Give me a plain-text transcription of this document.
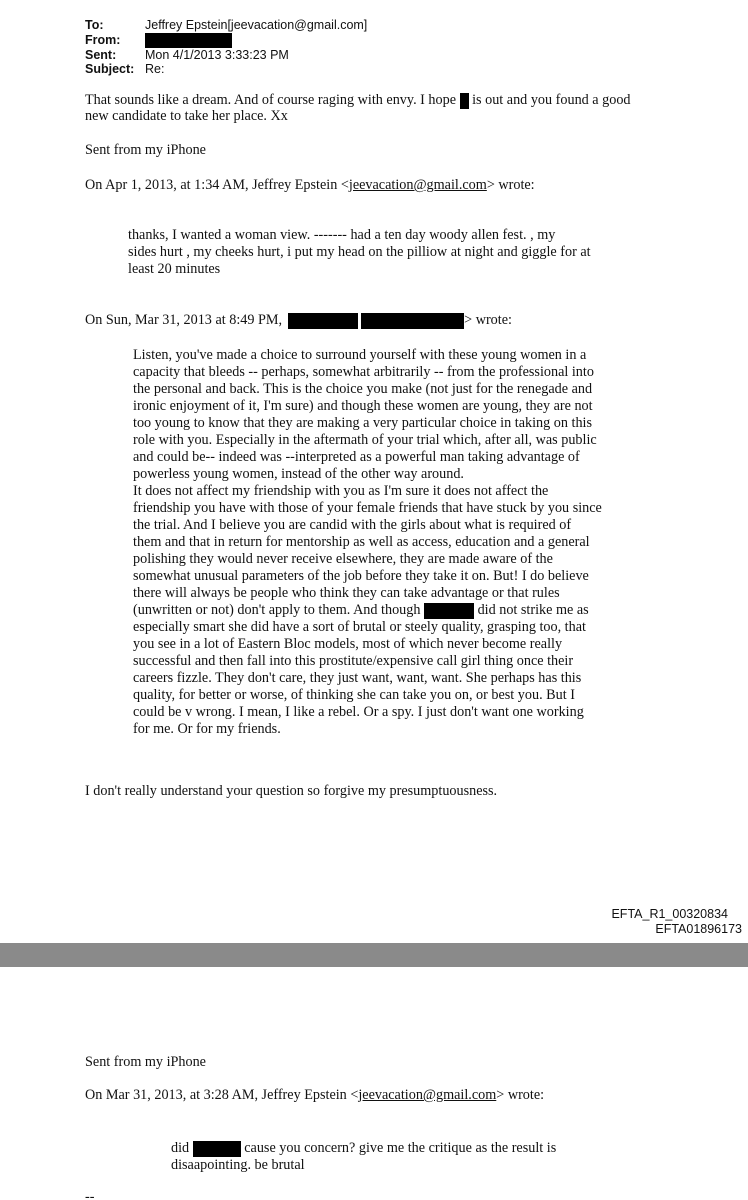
To:	Jeffrey Epstein[jeevacation@gmail.com]
From:
Sent:	Mon 4/1/2013 3:33:23 PM
Subject: Re:
That sounds like a dream. And of course raging with envy. I hope is out and you found a good
new candidate to take her place. Xx
Sent from my iPhone
On Apr 1, 2013, at 1:34 AM, Jeffrey Epstein <jeevacation@gmail.com> wrote:
thanks, I wanted a woman view. ------- had a ten day woody allen fest. , my
sides hurt , my cheeks hurt, i put my head on the pilliow at night and giggle for at
least 20 minutes
On Sun, Mar 31, 2013 at 8:49 PM,	> wrote:
Listen, you've made a choice to surround yourself with these young women in a
capacity that bleeds -- perhaps, somewhat arbitrarily -- from the professional into
the personal and back. This is the choice you make (not just for the renegade and
ironic enjoyment of it, I'm sure) and though these women are young, they are not
too young to know that they are making a very particular choice in taking on this
role with you. Especially in the aftermath of your trial which, after all, was public
and could be-- indeed was --interpreted as a powerful man taking advantage of
powerless young women, instead of the other way around.
It does not affect my friendship with you as I'm sure it does not affect the
friendship you have with those of your female friends that have stuck by you since
the trial. And I believe you are candid with the girls about what is required of
them and that in return for mentorship as well as access, education and a general
polishing they would never receive elsewhere, they are made aware of the
somewhat unusual parameters of the job before they take it on. But! I do believe
there will always be people who think they can take advantage or that rules
(unwritten or not) don't apply to them. And though	did not strike me as
especially smart she did have a sort of brutal or steely quality, grasping too, that
you see in a lot of Eastern Bloc models, most of which never become really
successful and then fall into this prostitute/expensive call girl thing once their
careers fizzle. They don't care, they just want, want, want. She perhaps has this
quality, for better or worse, of thinking she can take you on, or best you. But I
could be v wrong. I mean, I like a rebel. Or a spy. I just don't want one working
for me. Or for my friends.
I don't really understand your question so forgive my presumptuousness.
EFTA_R1_00320834
EFTA01896173
Sent from my iPhone
On Mar 31, 2013, at 3:28 AM, Jeffrey Epstein <jeevacation@gmail.com> wrote:
did	cause you concern? give me the critique as the result is
disaapointing. be brutal
--
